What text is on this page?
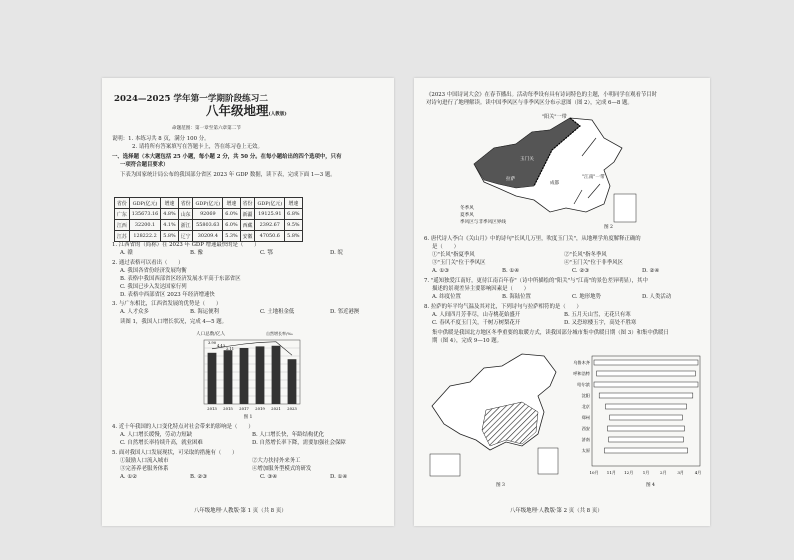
2024—2025 学年第一学期阶段练习二
八年级地理(人教版)
命题范围：第一章至第六章第二节
说明：1. 本练习共 8 页，满分 100 分。
2. 请将所有答案填写在答题卡上，答在练习卷上无效。
一、选择题（本大题包括 25 小题，每小题 2 分，共 50 分。在每小题给出的四个选项中，只有
一项符合题目要求）
下表为国家统计局公布的我国部分省区 2023 年 GDP 数据，读下表，完成下面 1—3 题。
省份	GDP(亿元)	增速	省份	GDP(亿元)	增速	省份	GDP(亿元)	增速
广东	135673.16	4.8%	山东	92069	6.0%	新疆	19125.91	6.8%
江西	32200.1	4.1%	浙江	55803.63	6.0%	西藏	2392.67	9.5%
江苏	128222.2	5.8%	辽宁	30209.4	5.3%	安徽	47050.6	5.8%
1. 江西省的（简称）在 2023 年 GDP 增速最快的是（　　）
A. 赣	B. 豫	C. 鄂	D. 皖
2. 通过表格可以看出（　　）
A. 我国各省份经济发展均衡
B. 表格中我国西部省区经济发展水平高于东部省区
C. 我国已步入发达国家行列
D. 表格中西部省区 2023 年经济增速快
3. 与广东相比，江西省发展的优势是（　　）
A. 人才众多	B. 海运便利	C. 土地租金低	D. 邻近港澳
读图 1，我国人口增长状况，完成 4—5 题。
人口总数/亿人
2013 2015 2017 2019 2021 2023
3.90
4.43
2.11
图 1
自然增长率/‰
4. 近十年我国的人口变化特点对社会带来的影响是（　　）
A. 人口增长缓慢，劳动力短缺	B. 人口增长快，年龄结构优化
C. 自然增长率持续升高，就业困难	D. 自然增长率下降，需要加强社会保障
5. 面对我国人口发展现状，可采取的措施有（　　）
①鼓励人口流入城市	②大力扶持外来务工
③完善养老服务体系	④增加服务型模式的研发
A. ①②	B. ②③	C. ③④	D. ①④
八年级地理·人教版·第 1 页（共 8 页）
《2023 中国诗词大会》在春节播出。活动每季设有具有诗词特色的主题，小明同学在观看节目时
对诗句进行了地理解读。读中国季风区与非季风区分布示意图（图 2），完成 6—8 题。
"阳关"一带
玉门关
拉萨
成都
"江南"一带
图 2
冬季风
夏季风
季风区与非季风区界线
6. 唐代诗人李白《关山月》中的诗句"长风几万里，吹度玉门关"，从地理学角度解释正确的
是（　　）
①"长风"指夏季风	②"长风"指冬季风
③"玉门关"位于季风区	④"玉门关"位于非季风区
A. ①③	B. ①④	C. ②③	D. ②④
7. "遥知独爱江南好，更待江南百年春"（诗中所描绘的"阳关"与"江南"的景色差异明显），其中
描述的景观差异主要影响因素是（　　）
A. 纬度位置	B. 海陆位置	C. 地形地势	D. 人类活动
8. 拉萨的年平均气温及其对比，下列诗句与拉萨相符的是（　　）
A. 人间四月芳菲尽，山寺桃花始盛开	B. 五月天山雪，无花只有寒
C. 春风不度玉门关，千树万树梨花开	D. 又恐琼楼玉宇，高处不胜寒
集中供暖是我国北方地区冬季重要的取暖方式，读我国部分城市集中供暖日期（图 3）和集中供暖日
期（图 4），完成 9—10 题。
图 3
乌鲁木齐
呼和浩特
哈尔滨
沈阳
北京
郑州
西安
济南
太原
10月 11月 12月 1月	2月	3月	4月
图 4
八年级地理·人教版·第 2 页（共 8 页）
